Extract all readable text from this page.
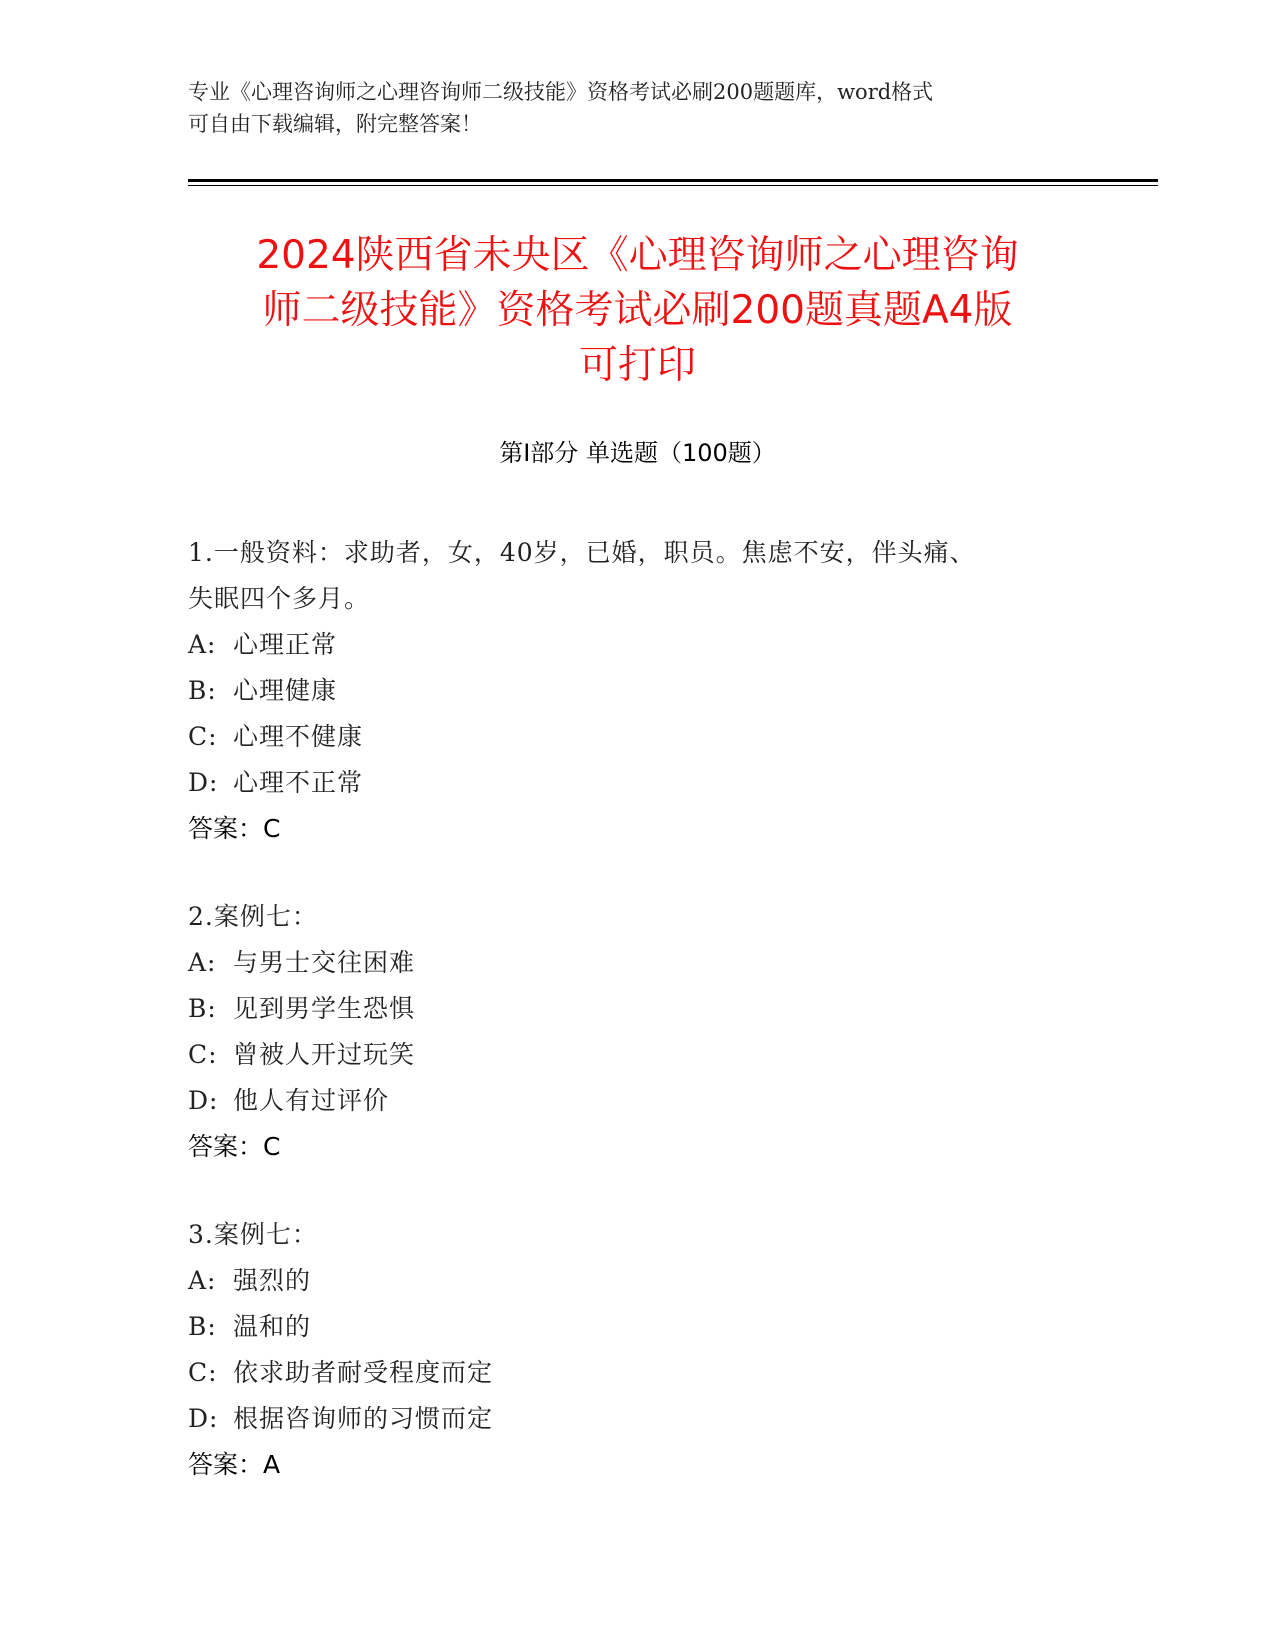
专业《心理咨询师之心理咨询师二级技能》资格考试必刷200题题库，word格式
可自由下载编辑，附完整答案！
2024陕西省未央区《心理咨询师之心理咨询
师二级技能》资格考试必刷200题真题A4版
可打印
第I部分 单选题（100题）
1.一般资料：求助者，女，40岁，已婚，职员。焦虑不安，伴头痛、
失眠四个多月。
A: 心理正常
B: 心理健康
C: 心理不健康
D: 心理不正常
答案：C
2.案例七：
A: 与男士交往困难
B: 见到男学生恐惧
C: 曾被人开过玩笑
D: 他人有过评价
答案：C
3.案例七：
A: 强烈的
B: 温和的
C: 依求助者耐受程度而定
D: 根据咨询师的习惯而定
答案：A
